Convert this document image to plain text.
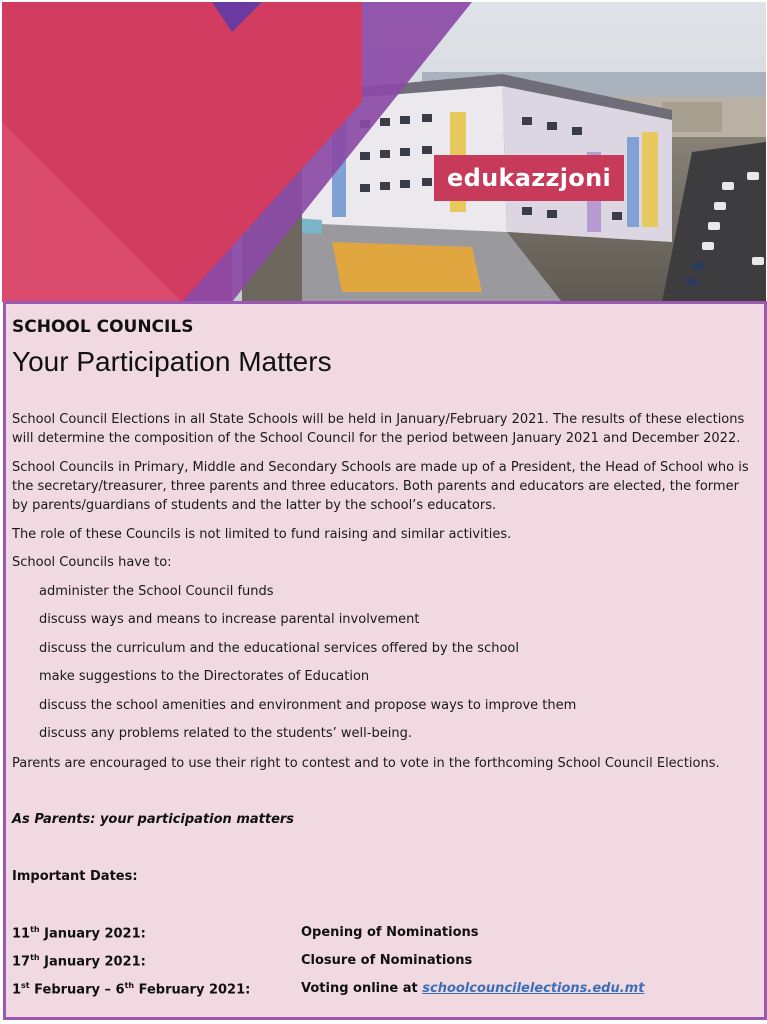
edukazzjoni
SCHOOL COUNCILS
Your Participation Matters

School Council Elections in all State Schools will be held in January/February 2021. The results of these elections will determine the composition of the School Council for the period between January 2021 and December 2022.

School Councils in Primary, Middle and Secondary Schools are made up of a President, the Head of School who is the secretary/treasurer, three parents and three educators. Both parents and educators are elected, the former by parents/guardians of students and the latter by the school’s educators.

The role of these Councils is not limited to fund raising and similar activities.

School Councils have to:

administer the School Council funds
discuss ways and means to increase parental involvement
discuss the curriculum and the educational services offered by the school
make suggestions to the Directorates of Education
discuss the school amenities and environment and propose ways to improve them
discuss any problems related to the students’ well-being.

Parents are encouraged to use their right to contest and to vote in the forthcoming School Council Elections.

As Parents: your participation matters
Important Dates:
11th January 2021:	Opening of Nominations
17th January 2021:	Closure of Nominations
1st February – 6th February 2021:	Voting online at schoolcouncilelections.edu.mt
